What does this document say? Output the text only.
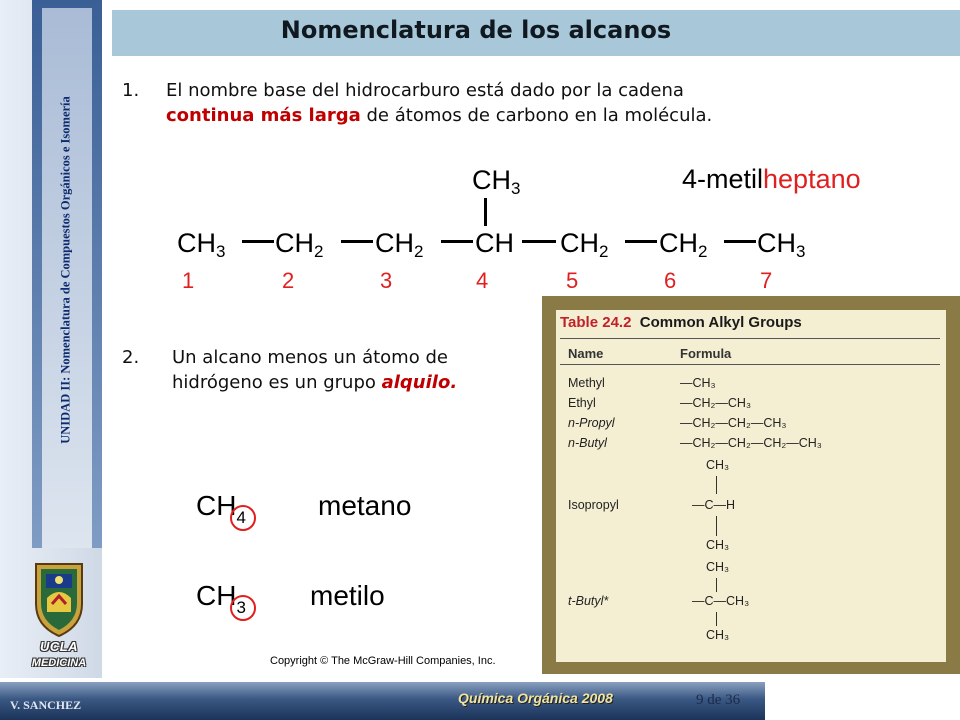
UNIDAD II: Nomenclatura de Compuestos Orgánicos e Isomería
UCLA
MEDICINA
Nomenclatura de los alcanos
1. El nombre base del hidrocarburo está dado por la cadena
continua más larga de átomos de carbono en la molécula.
$CH_3$
$CH_3$ $CH_2$ $CH_2$ CH $CH_2$ $CH_2$ $CH_3$
1	2	3	4	5	6	7
4-metilheptano
2. Un alcano menos un átomo de
hidrógeno es un grupo alquilo.
CH4	metano
CH3 metilo
Copyright © The McGraw-Hill Companies, Inc.
Table 24.2 Common Alkyl Groups
Name	Formula
Methyl	—CH₃
Ethyl	—CH₂—CH₃
n-Propyl	—CH₂—CH₂—CH₃
n-Butyl	—CH₂—CH₂—CH₂—CH₃
CH₃
Isopropyl	—C—H
CH₃
CH₃
t-Butyl*	—C—CH₃
CH₃
V. SANCHEZ	Química Orgánica 2008	9 de 36
